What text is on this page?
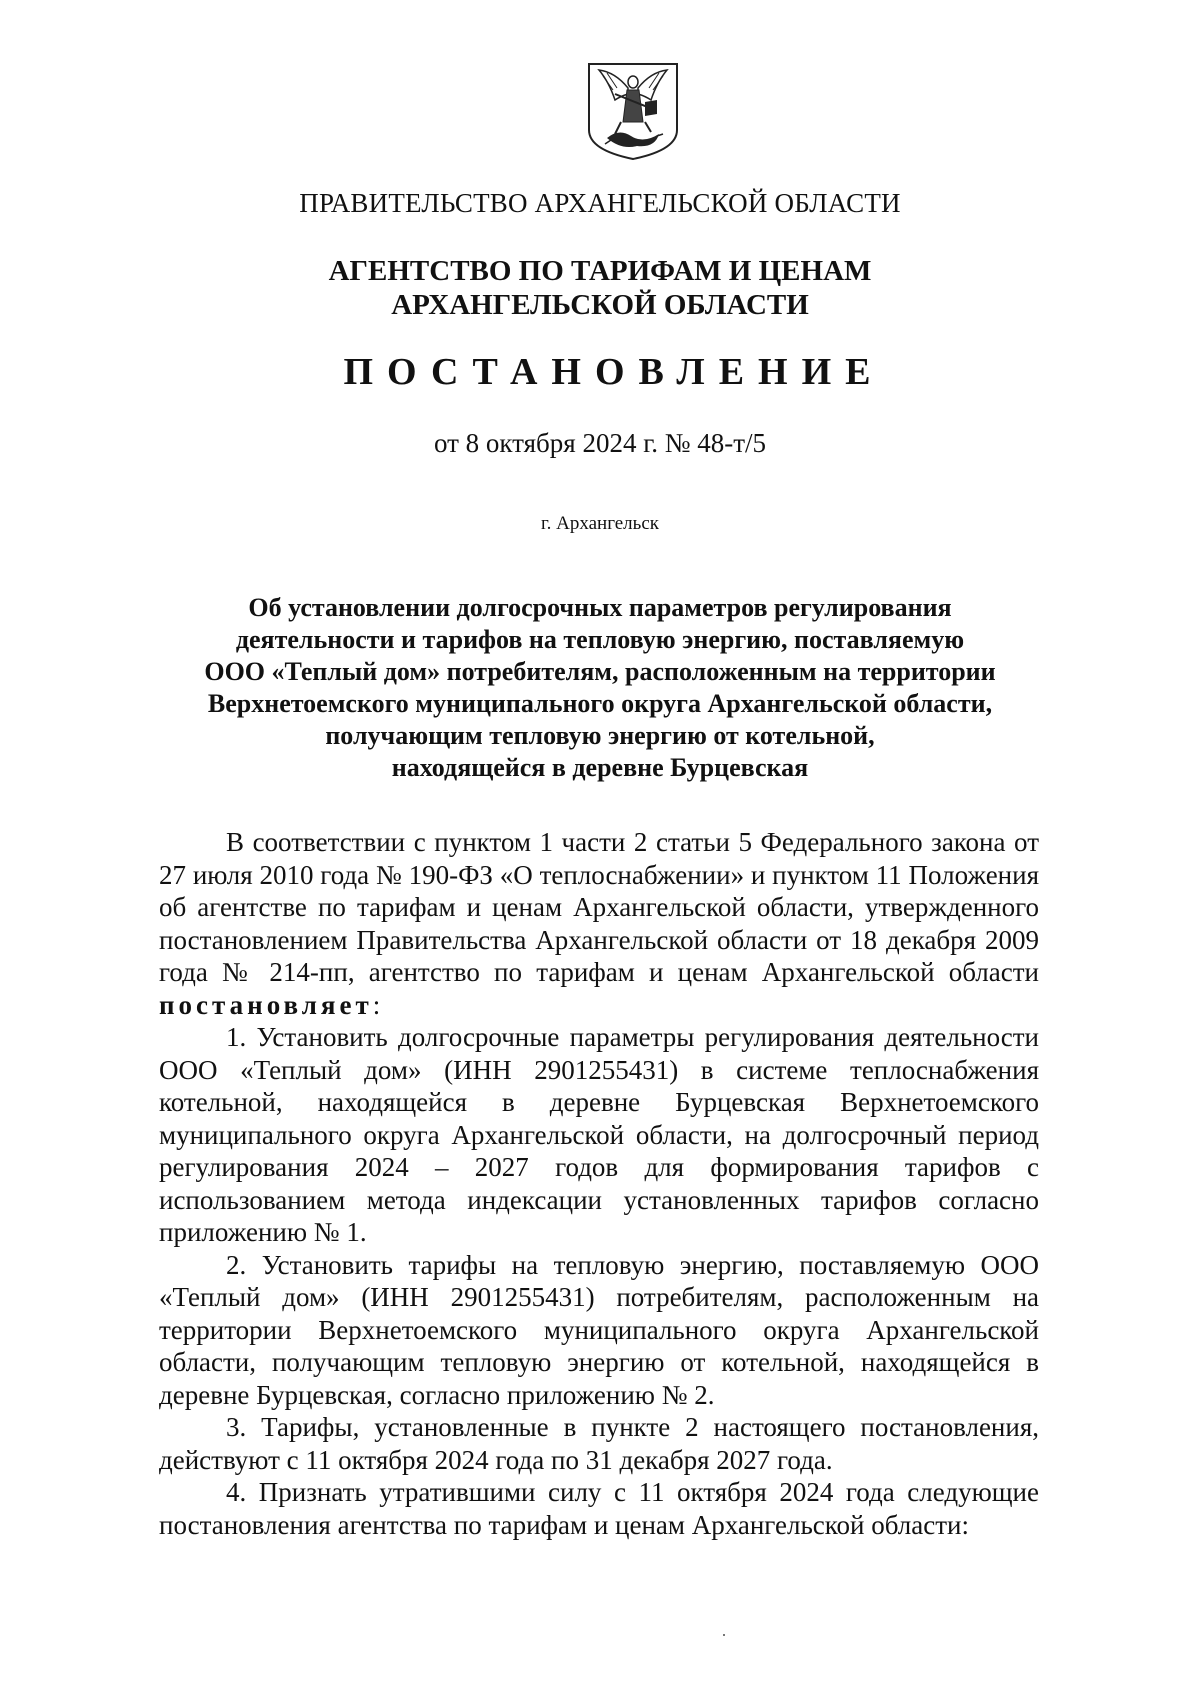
ПРАВИТЕЛЬСТВО АРХАНГЕЛЬСКОЙ ОБЛАСТИ
АГЕНТСТВО ПО ТАРИФАМ И ЦЕНАМ
АРХАНГЕЛЬСКОЙ ОБЛАСТИ
ПОСТАНОВЛЕНИЕ
от 8 октября 2024 г. № 48-т/5
г. Архангельск
Об установлении долгосрочных параметров регулирования
деятельности и тарифов на тепловую энергию, поставляемую
ООО «Теплый дом» потребителям, расположенным на территории
Верхнетоемского муниципального округа Архангельской области,
получающим тепловую энергию от котельной,
находящейся в деревне Бурцевская

В соответствии с пунктом 1 части 2 статьи 5 Федерального закона от 27 июля 2010 года № 190-ФЗ «О теплоснабжении» и пунктом 11 Положения об агентстве по тарифам и ценам Архангельской области, утвержденного постановлением Правительства Архангельской области от 18 декабря 2009 года № 214-пп, агентство по тарифам и ценам Архангельской области постановляет:

1. Установить долгосрочные параметры регулирования деятельности ООО «Теплый дом» (ИНН 2901255431) в системе теплоснабжения котельной, находящейся в деревне Бурцевская Верхнетоемского муниципального округа Архангельской области, на долгосрочный период регулирования 2024 – 2027 годов для формирования тарифов с использованием метода индексации установленных тарифов согласно приложению № 1.

2. Установить тарифы на тепловую энергию, поставляемую ООО «Теплый дом» (ИНН 2901255431) потребителям, расположенным на территории Верхнетоемского муниципального округа Архангельской области, получающим тепловую энергию от котельной, находящейся в деревне Бурцевская, согласно приложению № 2.

3. Тарифы, установленные в пункте 2 настоящего постановления, действуют с 11 октября 2024 года по 31 декабря 2027 года.

4. Признать утратившими силу с 11 октября 2024 года следующие постановления агентства по тарифам и ценам Архангельской области:
